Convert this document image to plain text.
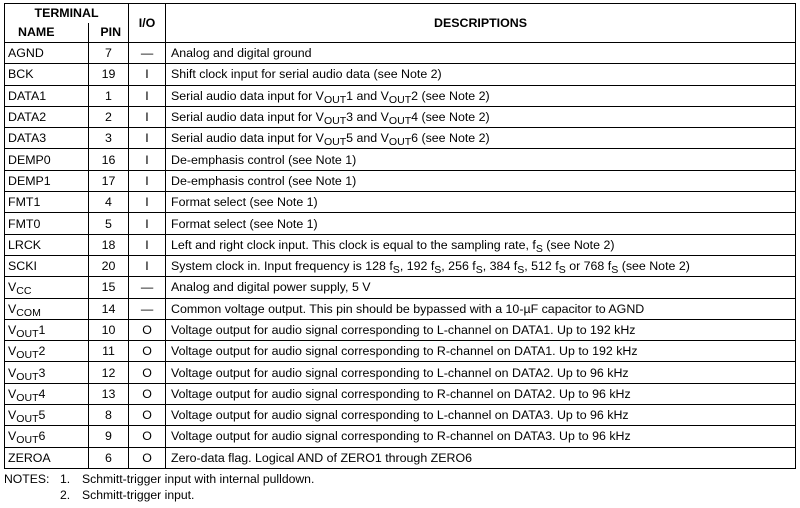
TERMINAL		I/O	DESCRIPTIONS
NAME	PIN		
AGND	7	—	Analog and digital ground
BCK	19	I	Shift clock input for serial audio data (see Note 2)
DATA1	1	I	Serial audio data input for $V_{OUT}1$ and $V_{OUT}2$ (see Note 2)
DATA2	2	I	Serial audio data input for $V_{OUT}3$ and $V_{OUT}4$ (see Note 2)
DATA3	3	I	Serial audio data input for $V_{OUT}5$ and $V_{OUT}6$ (see Note 2)
DEMP0	16	I	De-emphasis control (see Note 1)
DEMP1	17	I	De-emphasis control (see Note 1)
FMT1	4	I	Format select (see Note 1)
FMT0	5	I	Format select (see Note 1)
LRCK	18	I	Left and right clock input. This clock is equal to the sampling rate, $f_S$ (see Note 2)
SCKI	20	I	System clock in. Input frequency is 128 $f_S$, 192 $f_S$, 256 $f_S$, 384 $f_S$, 512 $f_S$ or 768 $f_S$ (see Note 2)
$V_{CC}$	15	—	Analog and digital power supply, 5 V
$V_{COM}$	14	—	Common voltage output. This pin should be bypassed with a 10-µF capacitor to AGND
$V_{OUT}1$	10	O	Voltage output for audio signal corresponding to L-channel on DATA1. Up to 192 kHz
$V_{OUT}2$	11	O	Voltage output for audio signal corresponding to R-channel on DATA1. Up to 192 kHz
$V_{OUT}3$	12	O	Voltage output for audio signal corresponding to L-channel on DATA2. Up to 96 kHz
$V_{OUT}4$	13	O	Voltage output for audio signal corresponding to R-channel on DATA2. Up to 96 kHz
$V_{OUT}5$	8	O	Voltage output for audio signal corresponding to L-channel on DATA3. Up to 96 kHz
$V_{OUT}6$	9	O	Voltage output for audio signal corresponding to R-channel on DATA3. Up to 96 kHz
ZEROA	6	O	Zero-data flag. Logical AND of ZERO1 through ZERO6
NOTES: 1. Schmitt-trigger input with internal pulldown.
2. Schmitt-trigger input.
